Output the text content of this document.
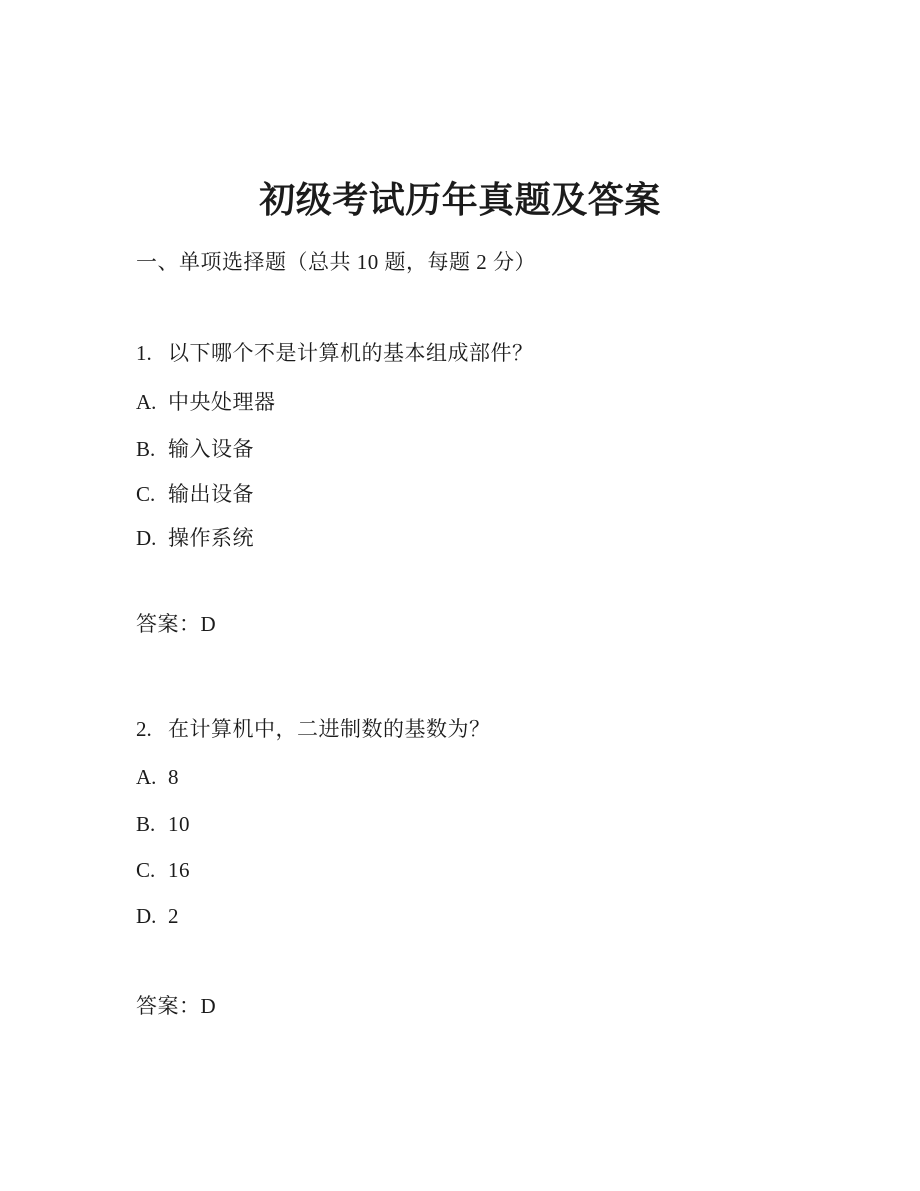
初级考试历年真题及答案
一、单项选择题（总共 10 题，每题 2 分）
1. 以下哪个不是计算机的基本组成部件？
A. 中央处理器
B. 输入设备
C. 输出设备
D. 操作系统
答案：D
2. 在计算机中，二进制数的基数为？
A. 8
B. 10
C. 16
D. 2
答案：D
